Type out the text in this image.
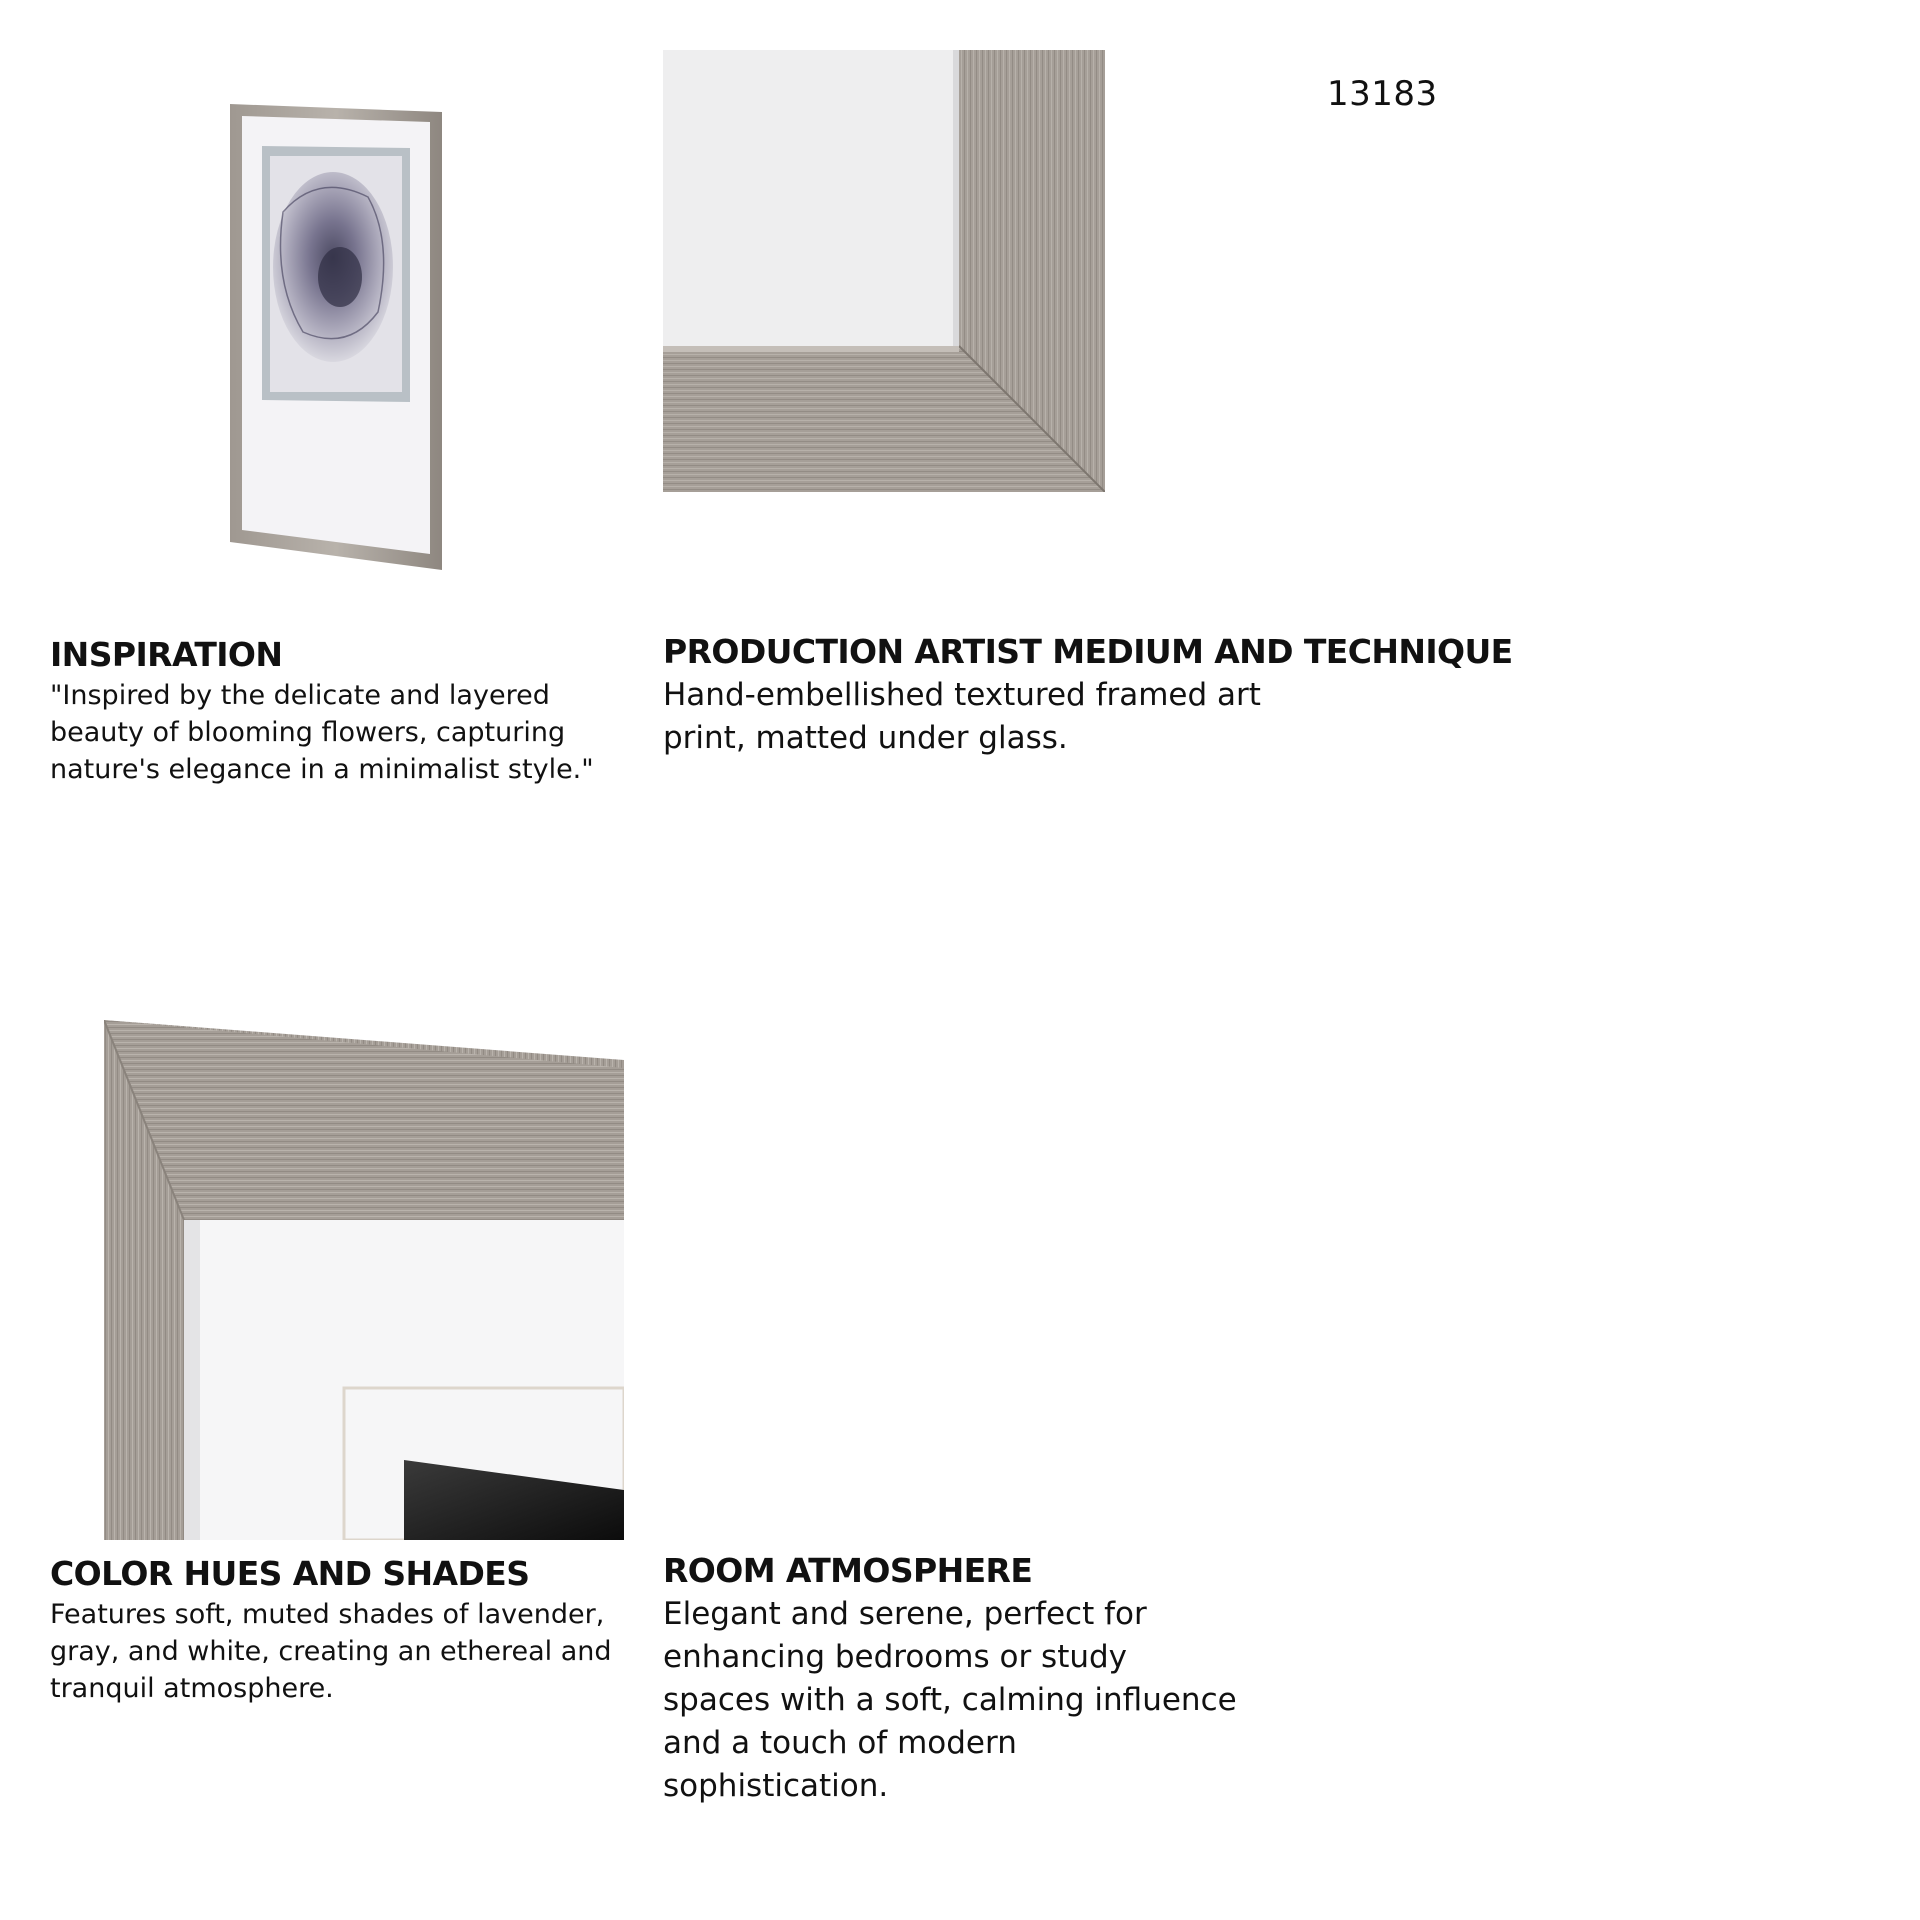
13183
INSPIRATION

"Inspired by the delicate and layered beauty of blooming flowers, capturing nature's elegance in a minimalist style."

PRODUCTION ARTIST MEDIUM AND TECHNIQUE

Hand-embellished textured framed art print, matted under glass.

COLOR HUES AND SHADES

Features soft, muted shades of lavender, gray, and white, creating an ethereal and tranquil atmosphere.

ROOM ATMOSPHERE

Elegant and serene, perfect for enhancing bedrooms or study spaces with a soft, calming influence and a touch of modern sophistication.
